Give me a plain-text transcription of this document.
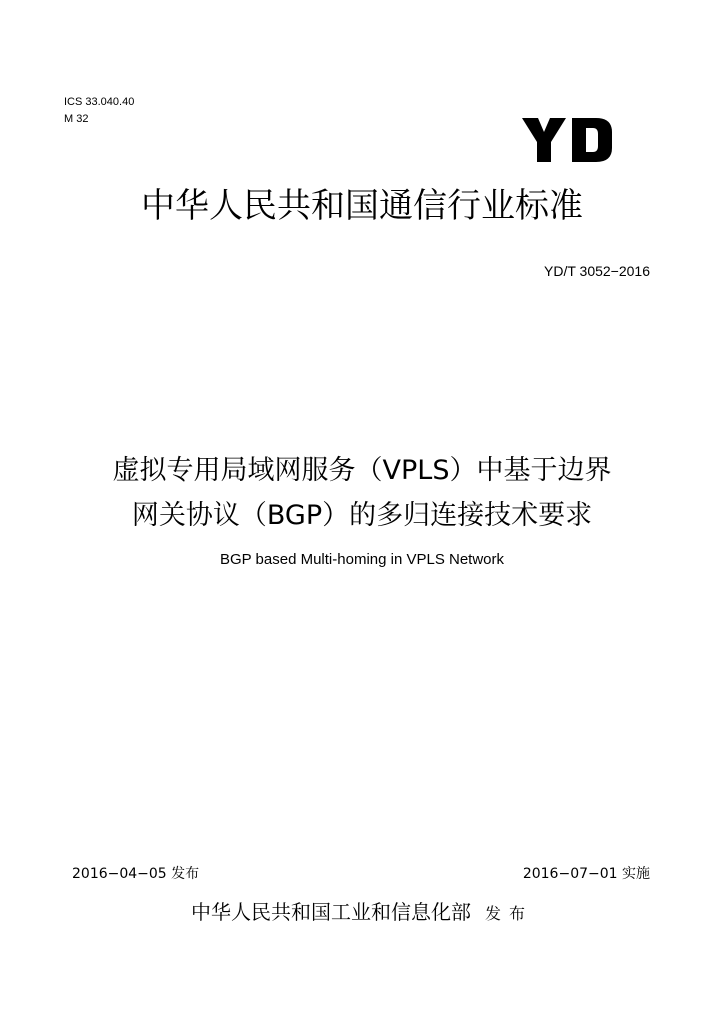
ICS 33.040.40
M 32
中华人民共和国通信行业标准
YD/T 3052−2016
虚拟专用局域网服务（VPLS）中基于边界
网关协议（BGP）的多归连接技术要求
BGP based Multi-homing in VPLS Network
2016−04−05 发布	2016−07−01 实施
中华人民共和国工业和信息化部 发布
